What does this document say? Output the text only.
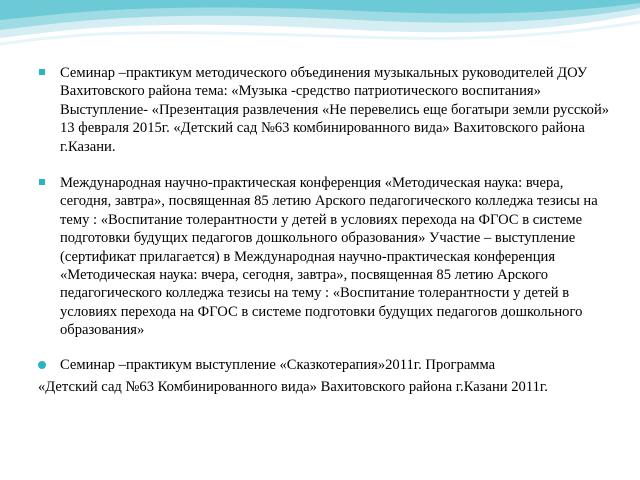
Семинар –практикум методического объединения музыкальных руководителей ДОУ Вахитовского района тема: «Музыка -средство патриотического воспитания» Выступление- «Презентация развлечения «Не перевелись еще богатыри земли русской» 13 февраля 2015г. «Детский сад №63 комбинированного вида» Вахитовского района г.Казани.
Международная научно-практическая конференция «Методическая наука: вчера, сегодня, завтра», посвященная 85 летию Арского педагогического колледжа тезисы на тему : «Воспитание толерантности у детей в условиях перехода на ФГОС в системе подготовки будущих педагогов дошкольного образования» Участие – выступление (сертификат прилагается) в Международная научно-практическая конференция «Методическая наука: вчера, сегодня, завтра», посвященная 85 летию Арского педагогического колледжа тезисы на тему : «Воспитание толерантности у детей в условиях перехода на ФГОС в системе подготовки будущих педагогов дошкольного образования»
Семинар –практикум выступление «Сказкотерапия»2011г. Программа
«Детский сад №63 Комбинированного вида» Вахитовского района г.Казани 2011г.
